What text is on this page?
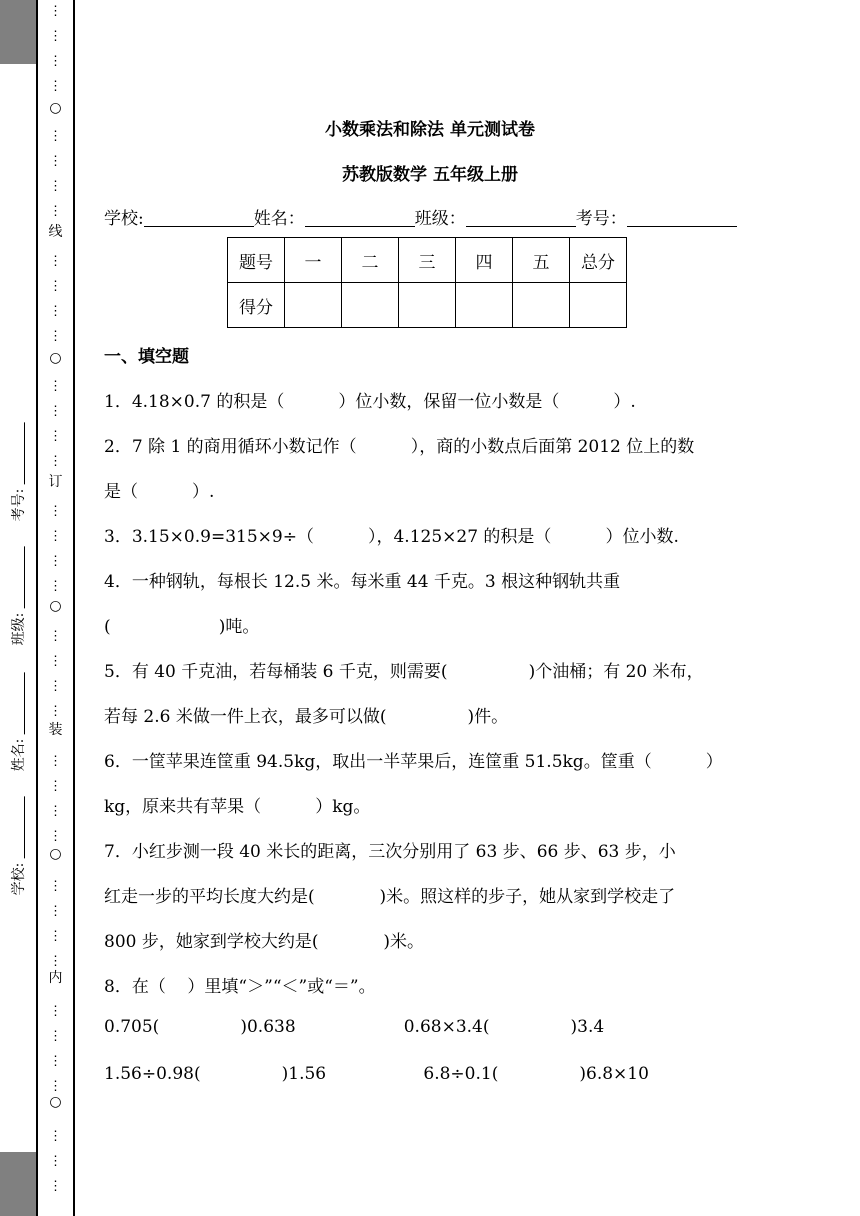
⋮
⋮
⋮
⋮
○
⋮
⋮
⋮
⋮
线
⋮
⋮
⋮
⋮
○
⋮
⋮
⋮
⋮
订
⋮
⋮
⋮
⋮
○
⋮
⋮
⋮
⋮
装
⋮
⋮
⋮
⋮
○
⋮
⋮
⋮
⋮
内
⋮
⋮
⋮
⋮
○
⋮
⋮
⋮
考号:
班级:
姓名:
学校:
小数乘法和除法 单元测试卷
苏教版数学 五年级上册
学校:	姓名：	班级：	考号：
题号	一	二	三	四	五	总分
得分						
一、填空题
1．4.18×0.7 的积是（          ）位小数，保留一位小数是（          ）.
2．7 除 1 的商用循环小数记作（          ），商的小数点后面第 2012 位上的数
是（          ）.
3．3.15×0.9=315×9÷（          ），4.125×27 的积是（          ）位小数.
4．一种钢轨，每根长 12.5 米。每米重 44 千克。3 根这种钢轨共重
(                    )吨。
5．有 40 千克油，若每桶装 6 千克，则需要(               )个油桶；有 20 米布，
若每 2.6 米做一件上衣，最多可以做(               )件。
6．一筐苹果连筐重 94.5kg，取出一半苹果后，连筐重 51.5kg。筐重（          ）
kg，原来共有苹果（          ）kg。
7．小红步测一段 40 米长的距离，三次分别用了 63 步、66 步、63 步，小
红走一步的平均长度大约是(            )米。照这样的步子，她从家到学校走了
800 步，她家到学校大约是(            )米。
8．在（    ）里填“＞”“＜”或“＝”。
0.705(               )0.638                    0.68×3.4(               )3.4
1.56÷0.98(               )1.56                  6.8÷0.1(               )6.8×10
